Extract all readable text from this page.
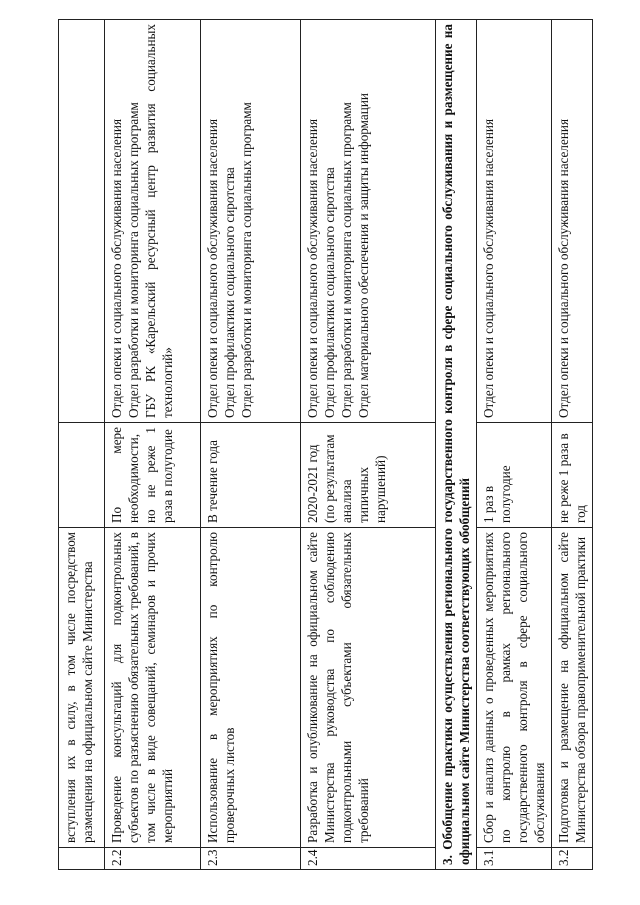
	вступления их в силу, в том числе посредством размещения на официальном сайте Министерства		
2.2	Проведение консультаций для подконтрольных субъектов по разъяснению обязательных требований, в том числе в виде совещаний, семинаров и прочих мероприятий	По мере необходимости, но не реже 1 раза в полугодие	Отдел опеки и социального обслуживания населения Отдел разработки и мониторинга социальных программ ГБУ РК «Карельский ресурсный центр развития социальных технологий»

2.3	Использование в мероприятиях по контролю проверочных листов	В течение года	Отдел опеки и социального обслуживания населения Отдел профилактики социального сиротства Отдел разработки и мониторинга социальных программ

2.4	Разработка и опубликование на официальном сайте Министерства руководства по соблюдению подконтрольными субъектами обязательных требований	2020-2021 год (по результатам анализа типичных нарушений)	Отдел опеки и социального обслуживания населения Отдел профилактики социального сиротства Отдел разработки и мониторинга социальных программ Отдел материального обеспечения и защиты информации

3. Обобщение практики осуществления регионального государственного контроля в сфере социального обслуживания и размещение на официальном сайте Министерства соответствующих обобщений			
3.1	Сбор и анализ данных о проведенных мероприятиях по контролю в рамках регионального государственного контроля в сфере социального обслуживания	1 раз в полугодие	Отдел опеки и социального обслуживания населения

3.2	Подготовка и размещение на официальном сайте Министерства обзора правоприменительной практики	не реже 1 раза в год	Отдел опеки и социального обслуживания населения
